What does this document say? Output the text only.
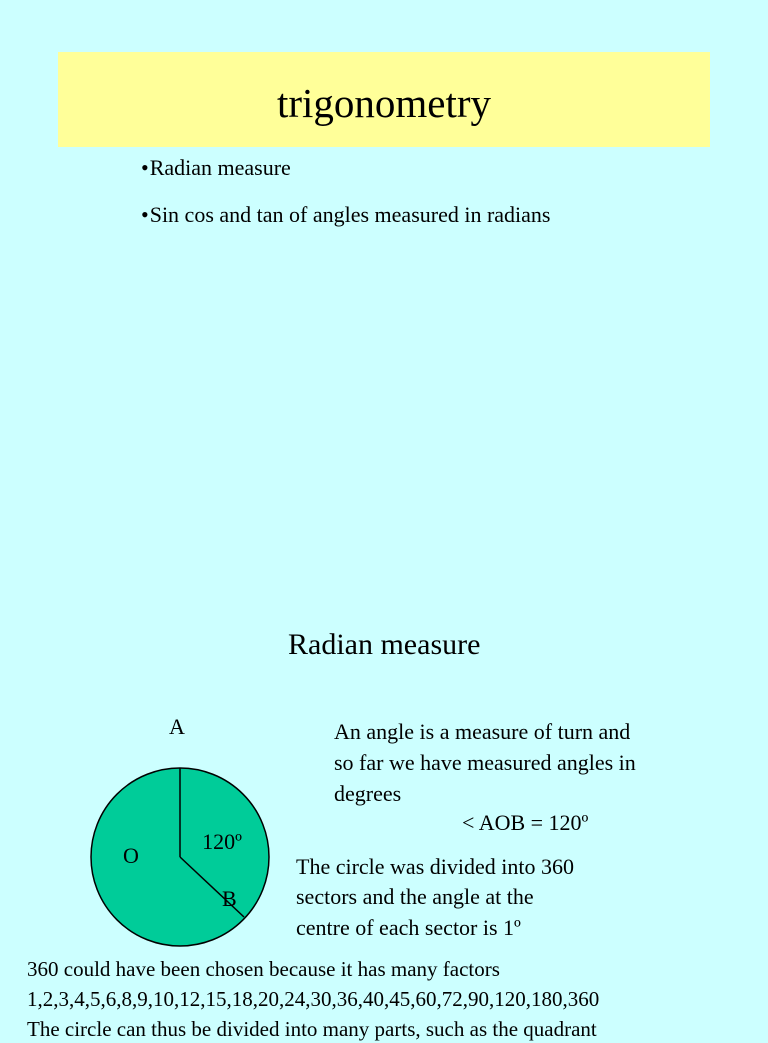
trigonometry
•Radian measure
•Sin cos and tan of angles measured in radians
Radian measure
A
O
120º
B
An angle is a measure of turn and
so far we have measured angles in
degrees
< AOB = 120º
The circle was divided into 360
sectors and the angle at the
centre of each sector is 1º
360 could have been chosen because it has many factors
1,2,3,4,5,6,8,9,10,12,15,18,20,24,30,36,40,45,60,72,90,120,180,360
The circle can thus be divided into many parts, such as the quadrant
